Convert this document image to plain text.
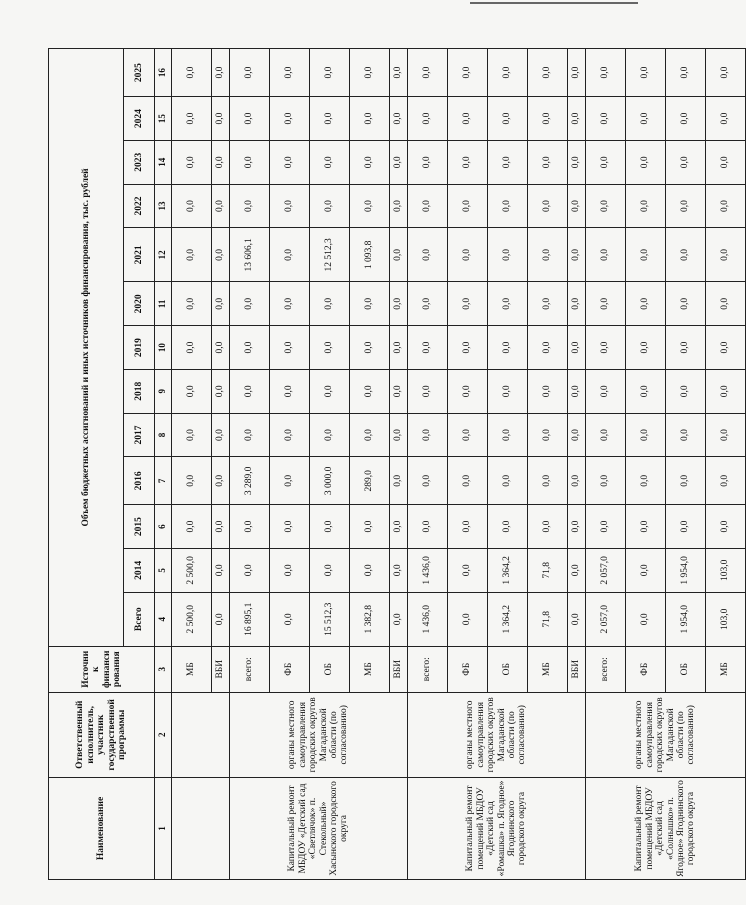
Наименование	Ответственный исполнитель, участник государственной программы	Источник финансирования	Объем бюджетных ассигнований и иных источников финансирования, тыс. рублей												
			Всего	2014	2015	2016	2017	2018	2019	2020	2021	2022	2023	2024	2025
1	2	3	4	5	6	7	8	9	10	11	12	13	14	15	16
		МБ	2 500,0	2 500,0	0,0	0,0	0,0	0,0	0,0	0,0	0,0	0,0	0,0	0,0	0,0
		ВБИ	0,0	0,0	0,0	0,0	0,0	0,0	0,0	0,0	0,0	0,0	0,0	0,0	0,0
Капитальный ремонт МБДОУ «Детский сад «Светлячок» п. Стекольный» Хасынского городского округа	органы местного самоуправления городских округов Магаданской области (по согласованию)	всего:	16 895,1	0,0	0,0	3 289,0	0,0	0,0	0,0	0,0	13 606,1	0,0	0,0	0,0	0,0
		ФБ	0,0	0,0	0,0	0,0	0,0	0,0	0,0	0,0	0,0	0,0	0,0	0,0	0,0
		ОБ	15 512,3	0,0	0,0	3 000,0	0,0	0,0	0,0	0,0	12 512,3	0,0	0,0	0,0	0,0
		МБ	1 382,8	0,0	0,0	289,0	0,0	0,0	0,0	0,0	1 093,8	0,0	0,0	0,0	0,0
		ВБИ	0,0	0,0	0,0	0,0	0,0	0,0	0,0	0,0	0,0	0,0	0,0	0,0	0,0
Капитальный ремонт помещений МБДОУ «Детский сад «Ромашка» п. Ягодное» Ягоднинского городского округа	органы местного самоуправления городских округов Магаданской области (по согласованию)	всего:	1 436,0	1 436,0	0,0	0,0	0,0	0,0	0,0	0,0	0,0	0,0	0,0	0,0	0,0
		ФБ	0,0	0,0	0,0	0,0	0,0	0,0	0,0	0,0	0,0	0,0	0,0	0,0	0,0
		ОБ	1 364,2	1 364,2	0,0	0,0	0,0	0,0	0,0	0,0	0,0	0,0	0,0	0,0	0,0
		МБ	71,8	71,8	0,0	0,0	0,0	0,0	0,0	0,0	0,0	0,0	0,0	0,0	0,0
		ВБИ	0,0	0,0	0,0	0,0	0,0	0,0	0,0	0,0	0,0	0,0	0,0	0,0	0,0
Капитальный ремонт помещений МБДОУ «Детский сад «Солнышко» п. Ягодное» Ягоднинского городского округа	органы местного самоуправления городских округов Магаданской области (по согласованию)	всего:	2 057,0	2 057,0	0,0	0,0	0,0	0,0	0,0	0,0	0,0	0,0	0,0	0,0	0,0
		ФБ	0,0	0,0	0,0	0,0	0,0	0,0	0,0	0,0	0,0	0,0	0,0	0,0	0,0
		ОБ	1 954,0	1 954,0	0,0	0,0	0,0	0,0	0,0	0,0	0,0	0,0	0,0	0,0	0,0
		МБ	103,0	103,0	0,0	0,0	0,0	0,0	0,0	0,0	0,0	0,0	0,0	0,0	0,0
